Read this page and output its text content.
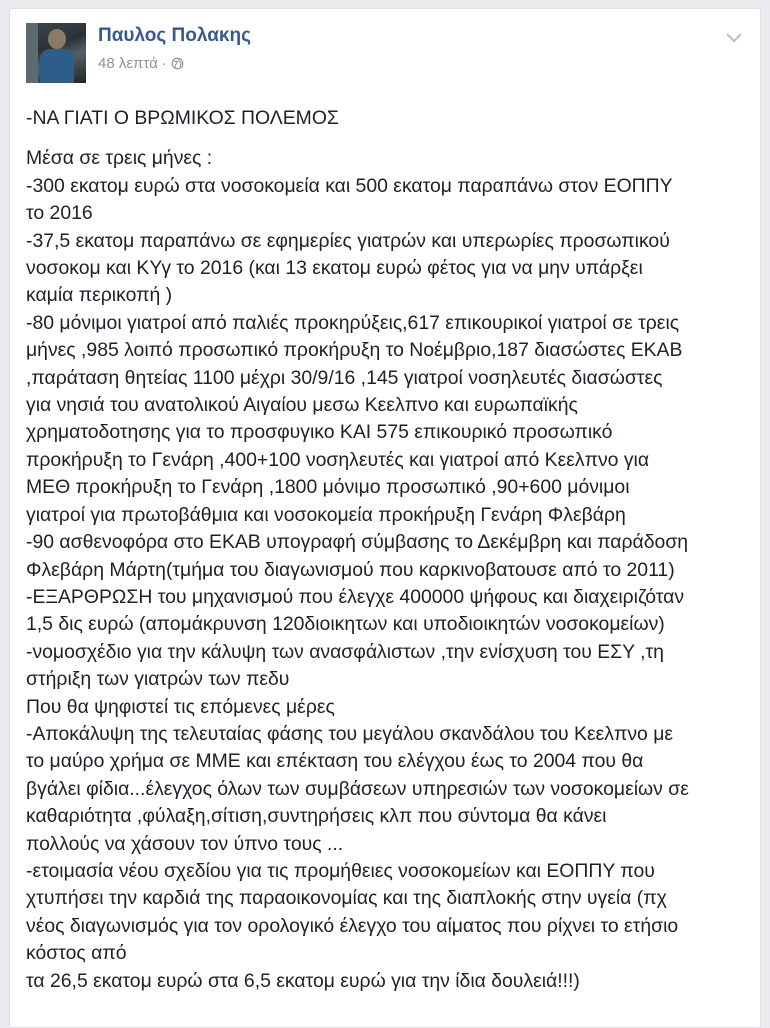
Παυλος Πολακης
48 λεπτά ·
-ΝΑ ΓΙΑΤΙ Ο ΒΡΩΜΙΚΟΣ ΠΟΛΕΜΟΣ
Μέσα σε τρεις μήνες :
-300 εκατομ ευρώ στα νοσοκομεία και 500 εκατομ παραπάνω στον ΕΟΠΠΥ
το 2016
-37,5 εκατομ παραπάνω σε εφημερίες γιατρών και υπερωρίες προσωπικού
νοσοκομ και ΚΥγ το 2016 (και 13 εκατομ ευρώ φέτος για να μην υπάρξει
καμία περικοπή )
-80 μόνιμοι γιατροί από παλιές προκηρύξεις,617 επικουρικοί γιατροί σε τρεις
μήνες ,985 λοιπό προσωπικό προκήρυξη το Νοέμβριο,187 διασώστες ΕΚΑΒ
,παράταση θητείας 1100 μέχρι 30/9/16 ,145 γιατροί νοσηλευτές διασώστες
για νησιά του ανατολικού Αιγαίου μεσω Κεελπνο και ευρωπαϊκής
χρηματοδοτησης για το προσφυγικο ΚΑΙ 575 επικουρικό προσωπικό
προκήρυξη το Γενάρη ,400+100 νοσηλευτές και γιατροί από Κεελπνο για
ΜΕΘ προκήρυξη το Γενάρη ,1800 μόνιμο προσωπικό ,90+600 μόνιμοι
γιατροί για πρωτοβάθμια και νοσοκομεία προκήρυξη Γενάρη Φλεβάρη
-90 ασθενοφόρα στο ΕΚΑΒ υπογραφή σύμβασης το Δεκέμβρη και παράδοση
Φλεβάρη Μάρτη(τμήμα του διαγωνισμού που καρκινοβατουσε από το 2011)
-ΕΞΑΡΘΡΩΣΗ του μηχανισμού που έλεγχε 400000 ψήφους και διαχειριζόταν
1,5 δις ευρώ (απομάκρυνση 120διοικητων και υποδιοικητών νοσοκομείων)
-νομοσχέδιο για την κάλυψη των ανασφάλιστων ,την ενίσχυση του ΕΣΥ ,τη
στήριξη των γιατρών των πεδυ
Που θα ψηφιστεί τις επόμενες μέρες
-Αποκάλυψη της τελευταίας φάσης του μεγάλου σκανδάλου του Κεελπνο με
το μαύρο χρήμα σε ΜΜΕ και επέκταση του ελέγχου έως το 2004 που θα
βγάλει φίδια...έλεγχος όλων των συμβάσεων υπηρεσιών των νοσοκομείων σε
καθαριότητα ,φύλαξη,σίτιση,συντηρήσεις κλπ που σύντομα θα κάνει
πολλούς να χάσουν τον ύπνο τους ...
-ετοιμασία νέου σχεδίου για τις προμήθειες νοσοκομείων και ΕΟΠΠΥ που
χτυπήσει την καρδιά της παραοικονομίας και της διαπλοκής στην υγεία (πχ
νέος διαγωνισμός για τον ορολογικό έλεγχο του αίματος που ρίχνει το ετήσιο
κόστος από
τα 26,5 εκατομ ευρώ στα 6,5 εκατομ ευρώ για την ίδια δουλειά!!!)
